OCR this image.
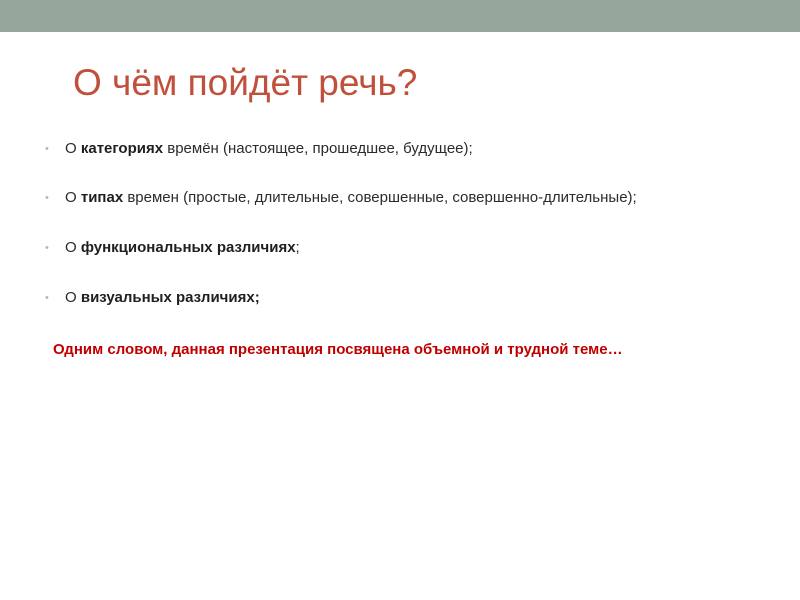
О чём пойдёт речь?
•	О категориях времён (настоящее, прошедшее, будущее);
•	О типах времен (простые, длительные, совершенные, совершенно-длительные);
•	О функциональных различиях ;
•	О визуальных различиях;
Одним словом, данная презентация посвящена объемной и трудной теме…
